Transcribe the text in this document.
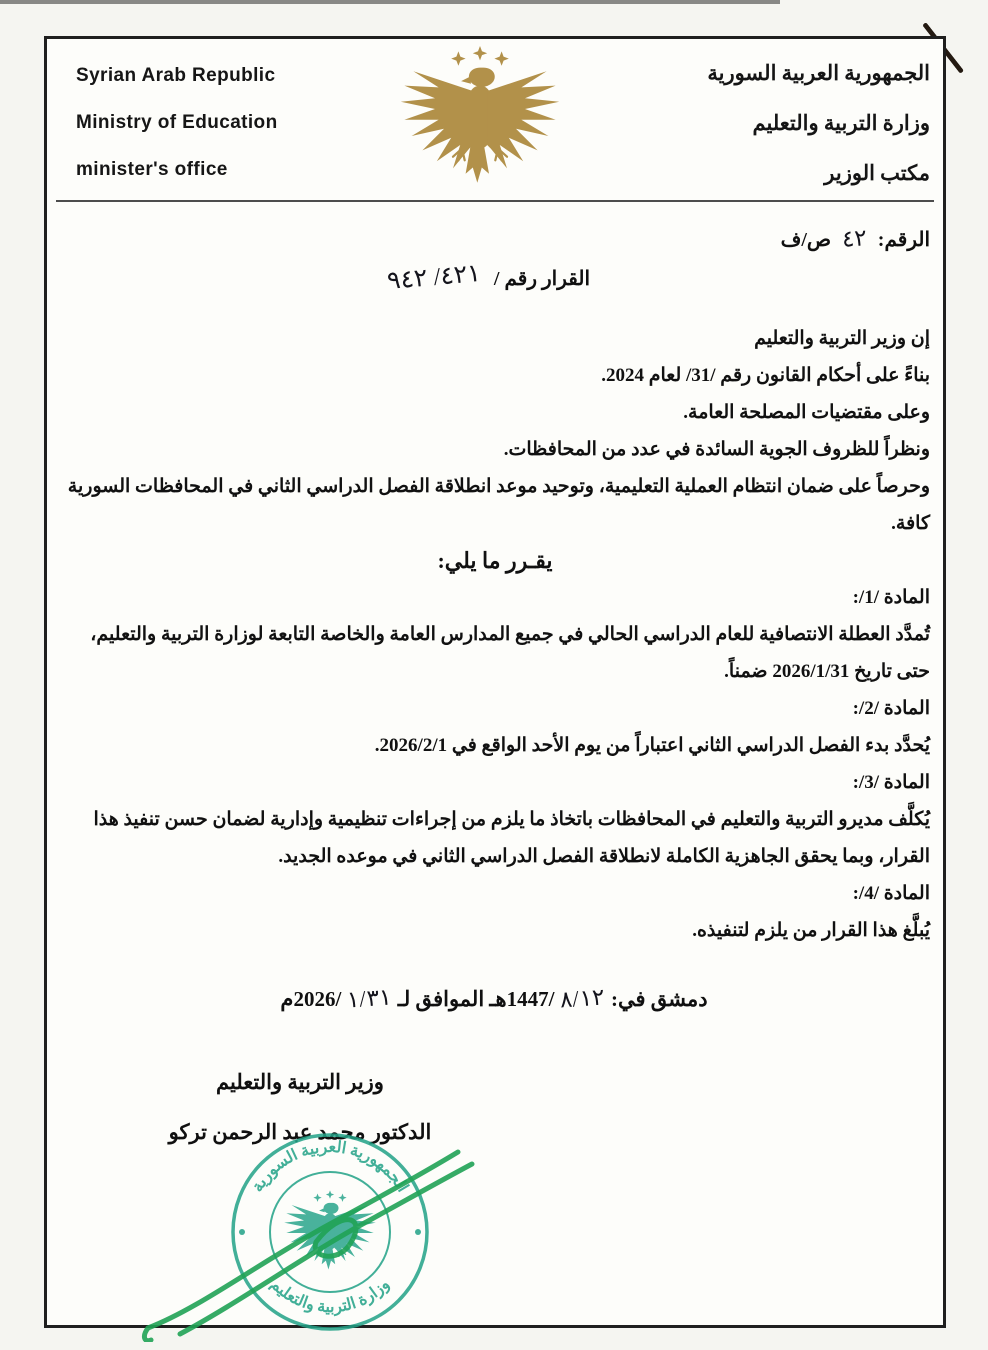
Syrian Arab Republic
Ministry of Education
minister's office
الجمهورية العربية السورية
وزارة التربية والتعليم
مكتب الوزير
الرقم: ٤٢ ص/ف
القرار رقم / ٤٢١/ ٩٤٢

إن وزير التربية والتعليم

بناءً على أحكام القانون رقم /31/ لعام 2024.

وعلى مقتضيات المصلحة العامة.

ونظراً للظروف الجوية السائدة في عدد من المحافظات.

وحرصاً على ضمان انتظام العملية التعليمية، وتوحيد موعد انطلاقة الفصل الدراسي الثاني في المحافظات السورية كافة.

يقـرر ما يلي:

المادة /1/:

تُمدَّد العطلة الانتصافية للعام الدراسي الحالي في جميع المدارس العامة والخاصة التابعة لوزارة التربية والتعليم، حتى تاريخ 2026/1/31 ضمناً.

المادة /2/:

يُحدَّد بدء الفصل الدراسي الثاني اعتباراً من يوم الأحد الواقع في 2026/2/1.

المادة /3/:

يُكلَّف مديرو التربية والتعليم في المحافظات باتخاذ ما يلزم من إجراءات تنظيمية وإدارية لضمان حسن تنفيذ هذا القرار، وبما يحقق الجاهزية الكاملة لانطلاقة الفصل الدراسي الثاني في موعده الجديد.

المادة /4/:

يُبلَّغ هذا القرار من يلزم لتنفيذه.

دمشق في:
١٢/٨
/1447هـ الموافق لـ
٣١/١
/2026م
وزير التربية والتعليم
الدكتور محمد عبد الرحمن تركو
الجمهورية العربية السورية
وزارة التربية والتعليم
